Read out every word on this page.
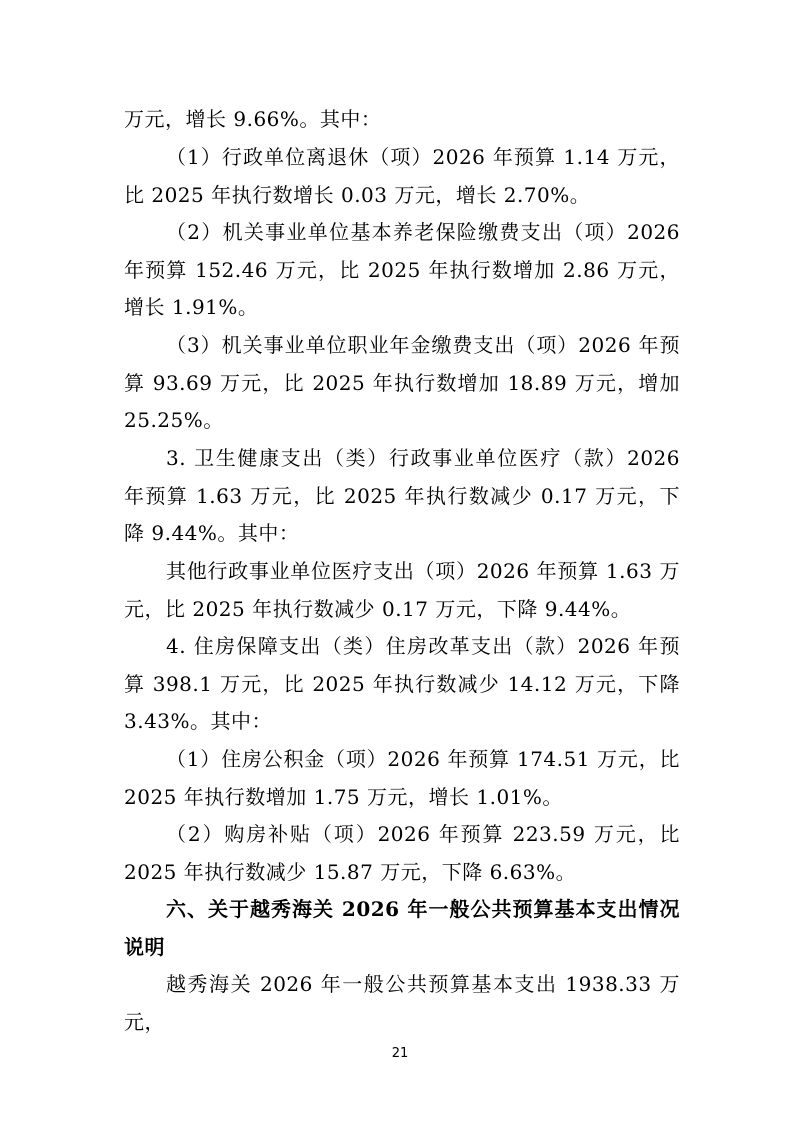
万元，增长 9.66%。其中：

（1）行政单位离退休（项）2026 年预算 1.14 万元，比 2025 年执行数增长 0.03 万元，增长 2.70%。

（2）机关事业单位基本养老保险缴费支出（项）2026 年预算 152.46 万元，比 2025 年执行数增加 2.86 万元，增长 1.91%。

（3）机关事业单位职业年金缴费支出（项）2026 年预算 93.69 万元，比 2025 年执行数增加 18.89 万元，增加 25.25%。

3. 卫生健康支出（类）行政事业单位医疗（款）2026 年预算 1.63 万元，比 2025 年执行数减少 0.17 万元，下降 9.44%。其中：

其他行政事业单位医疗支出（项）2026 年预算 1.63 万元，比 2025 年执行数减少 0.17 万元，下降 9.44%。

4. 住房保障支出（类）住房改革支出（款）2026 年预算 398.1 万元，比 2025 年执行数减少 14.12 万元，下降 3.43%。其中：

（1）住房公积金（项）2026 年预算 174.51 万元，比 2025 年执行数增加 1.75 万元，增长 1.01%。

（2）购房补贴（项）2026 年预算 223.59 万元，比 2025 年执行数减少 15.87 万元，下降 6.63%。

六、关于越秀海关 2026 年一般公共预算基本支出情况说明

越秀海关 2026 年一般公共预算基本支出 1938.33 万元，

21
